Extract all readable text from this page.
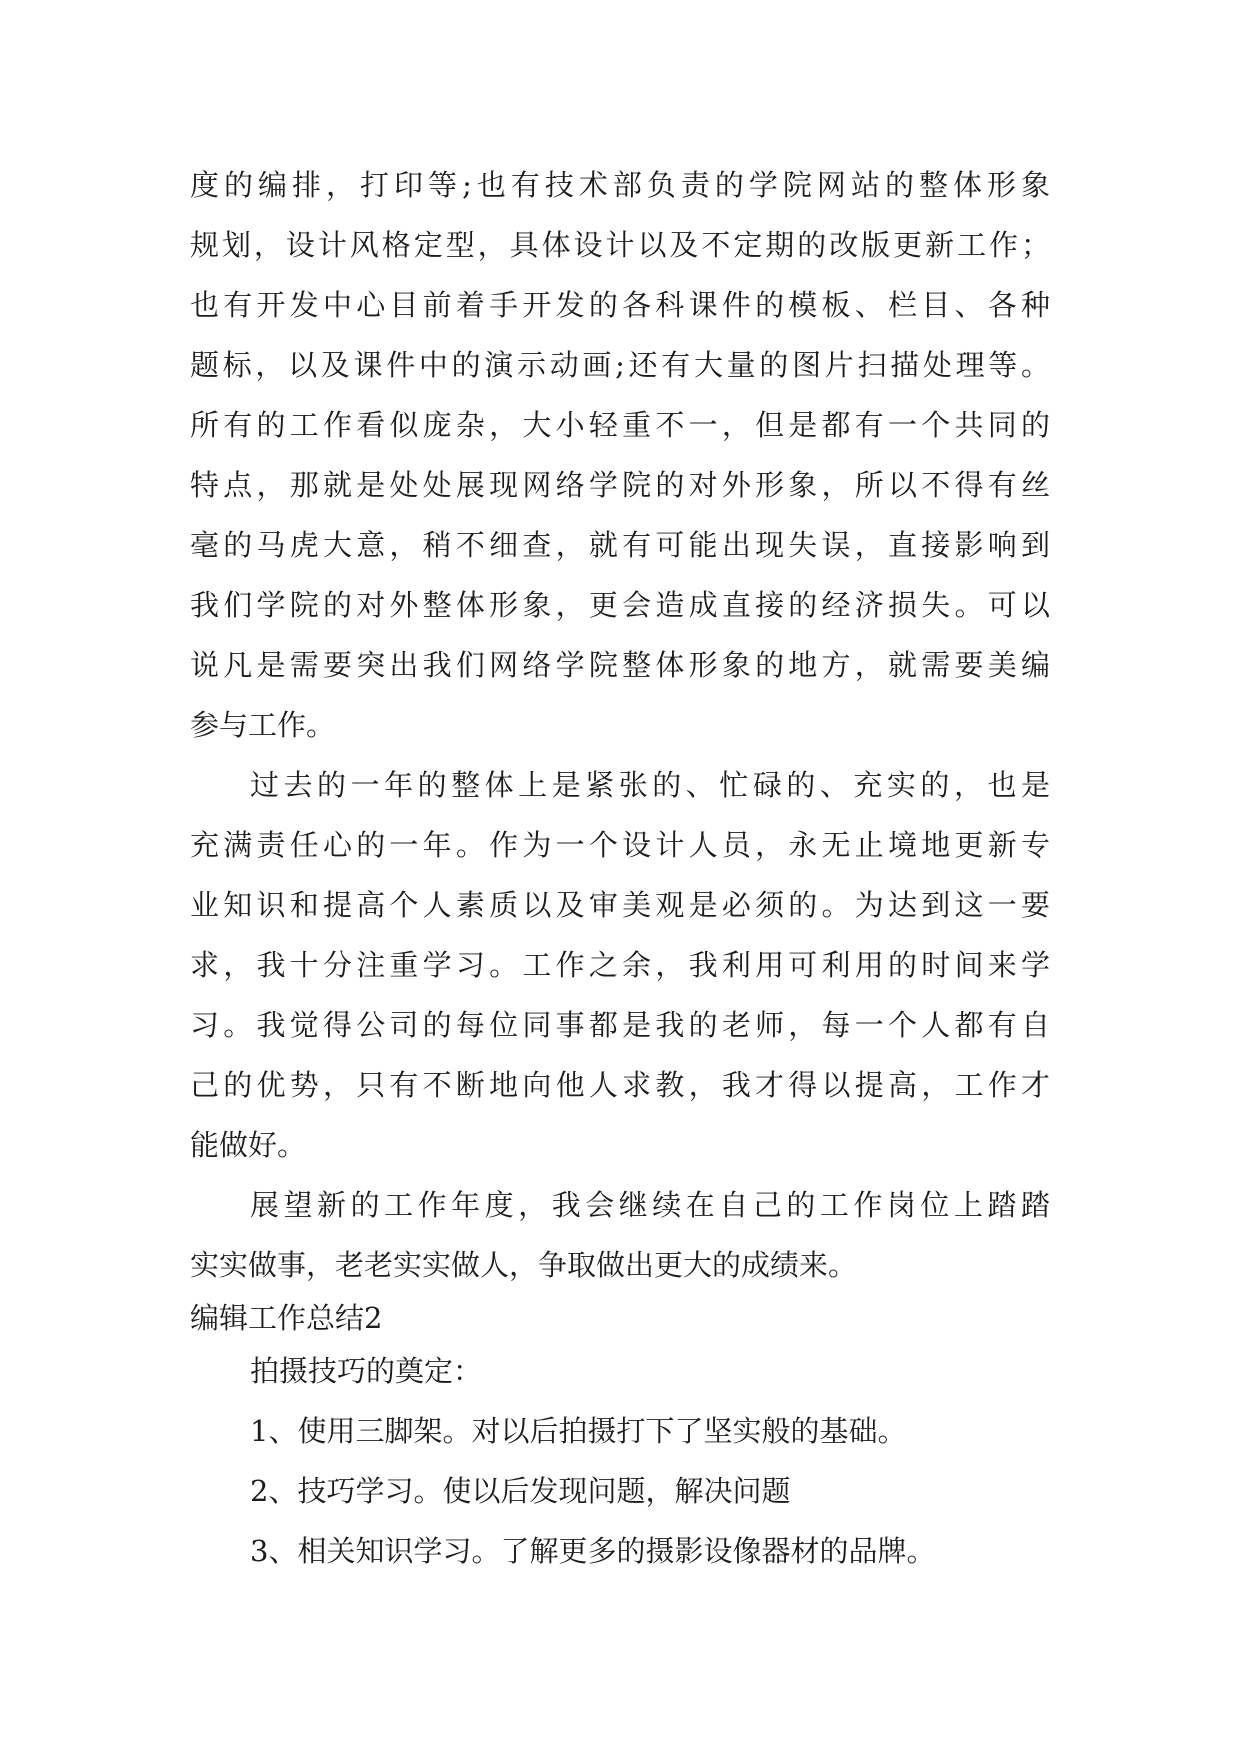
度的编排，打印等;也有技术部负责的学院网站的整体形象
规划，设计风格定型，具体设计以及不定期的改版更新工作；
也有开发中心目前着手开发的各科课件的模板、栏目、各种
题标，以及课件中的演示动画;还有大量的图片扫描处理等。
所有的工作看似庞杂，大小轻重不一，但是都有一个共同的
特点，那就是处处展现网络学院的对外形象，所以不得有丝
毫的马虎大意，稍不细查，就有可能出现失误，直接影响到
我们学院的对外整体形象，更会造成直接的经济损失。可以
说凡是需要突出我们网络学院整体形象的地方，就需要美编
参与工作。
过去的一年的整体上是紧张的、忙碌的、充实的，也是
充满责任心的一年。作为一个设计人员，永无止境地更新专
业知识和提高个人素质以及审美观是必须的。为达到这一要
求，我十分注重学习。工作之余，我利用可利用的时间来学
习。我觉得公司的每位同事都是我的老师，每一个人都有自
己的优势，只有不断地向他人求教，我才得以提高，工作才
能做好。
展望新的工作年度，我会继续在自己的工作岗位上踏踏
实实做事，老老实实做人，争取做出更大的成绩来。
编辑工作总结2
拍摄技巧的奠定：
1、使用三脚架。对以后拍摄打下了坚实般的基础。
2、技巧学习。使以后发现问题，解决问题
3、相关知识学习。了解更多的摄影设像器材的品牌。
